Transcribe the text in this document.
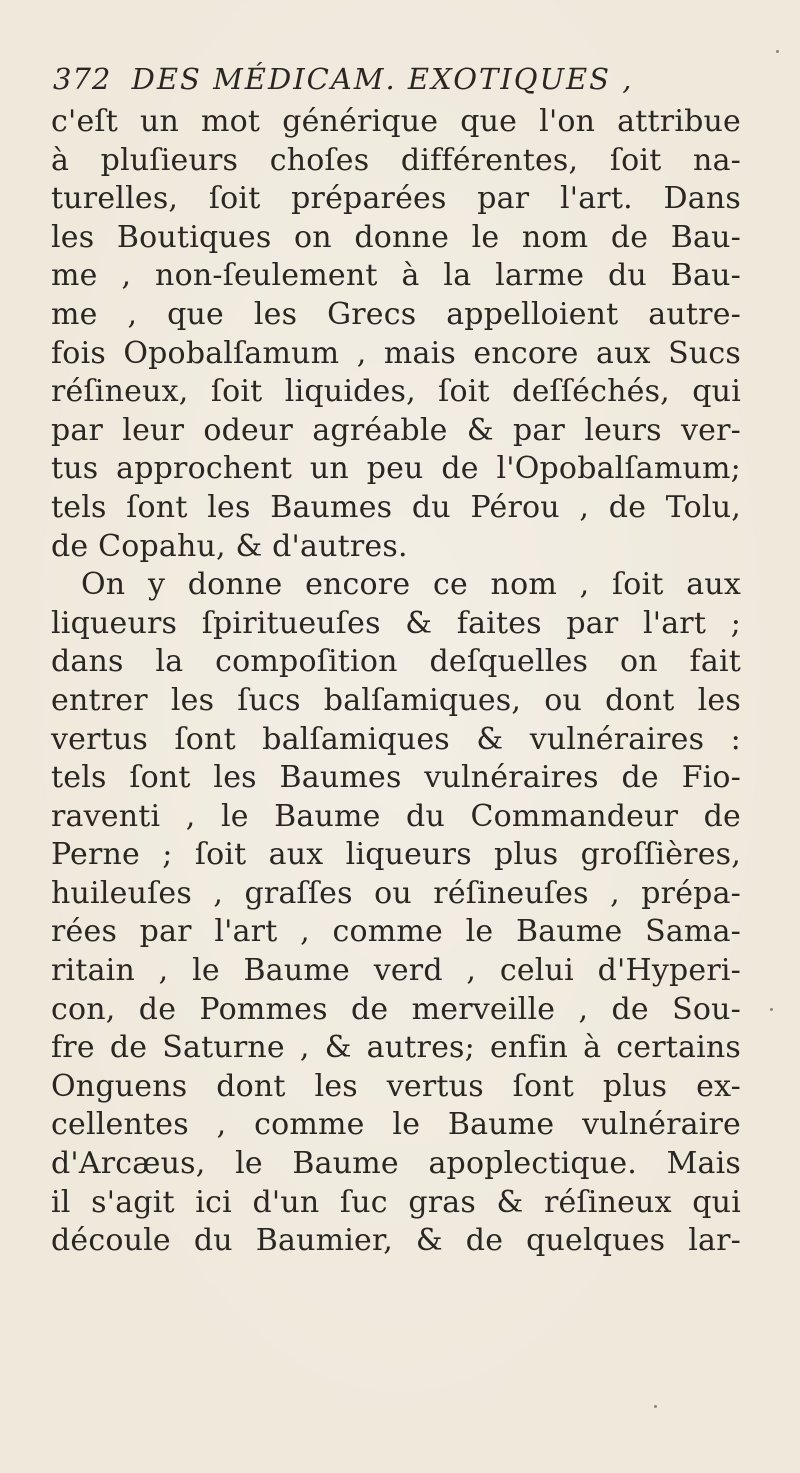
372 DES MÉDICAM. EXOTIQUES ,
c'eſt un mot générique que l'on attribue
à pluſieurs choſes différentes, ſoit na-
turelles, ſoit préparées par l'art. Dans
les Boutiques on donne le nom de Bau-
me , non-ſeulement à la larme du Bau-
me , que les Grecs appelloient autre-
fois Opobalſamum , mais encore aux Sucs
réſineux, ſoit liquides, ſoit deſſéchés, qui
par leur odeur agréable & par leurs ver-
tus approchent un peu de l'Opobalſamum;
tels ſont les Baumes du Pérou , de Tolu,
de Copahu, & d'autres.
On y donne encore ce nom , ſoit aux
liqueurs ſpiritueuſes & faites par l'art ;
dans la compoſition deſquelles on fait
entrer les ſucs balſamiques, ou dont les
vertus ſont balſamiques & vulnéraires :
tels ſont les Baumes vulnéraires de Fio-
raventi , le Baume du Commandeur de
Perne ; ſoit aux liqueurs plus groſſières,
huileuſes , graſſes ou réſineuſes , prépa-
rées par l'art , comme le Baume Sama-
ritain , le Baume verd , celui d'Hyperi-
con, de Pommes de merveille , de Sou-
fre de Saturne , & autres; enfin à certains
Onguens dont les vertus ſont plus ex-
cellentes , comme le Baume vulnéraire
d'Arcæus, le Baume apoplectique. Mais
il s'agit ici d'un ſuc gras & réſineux qui
découle du Baumier, & de quelques lar-
